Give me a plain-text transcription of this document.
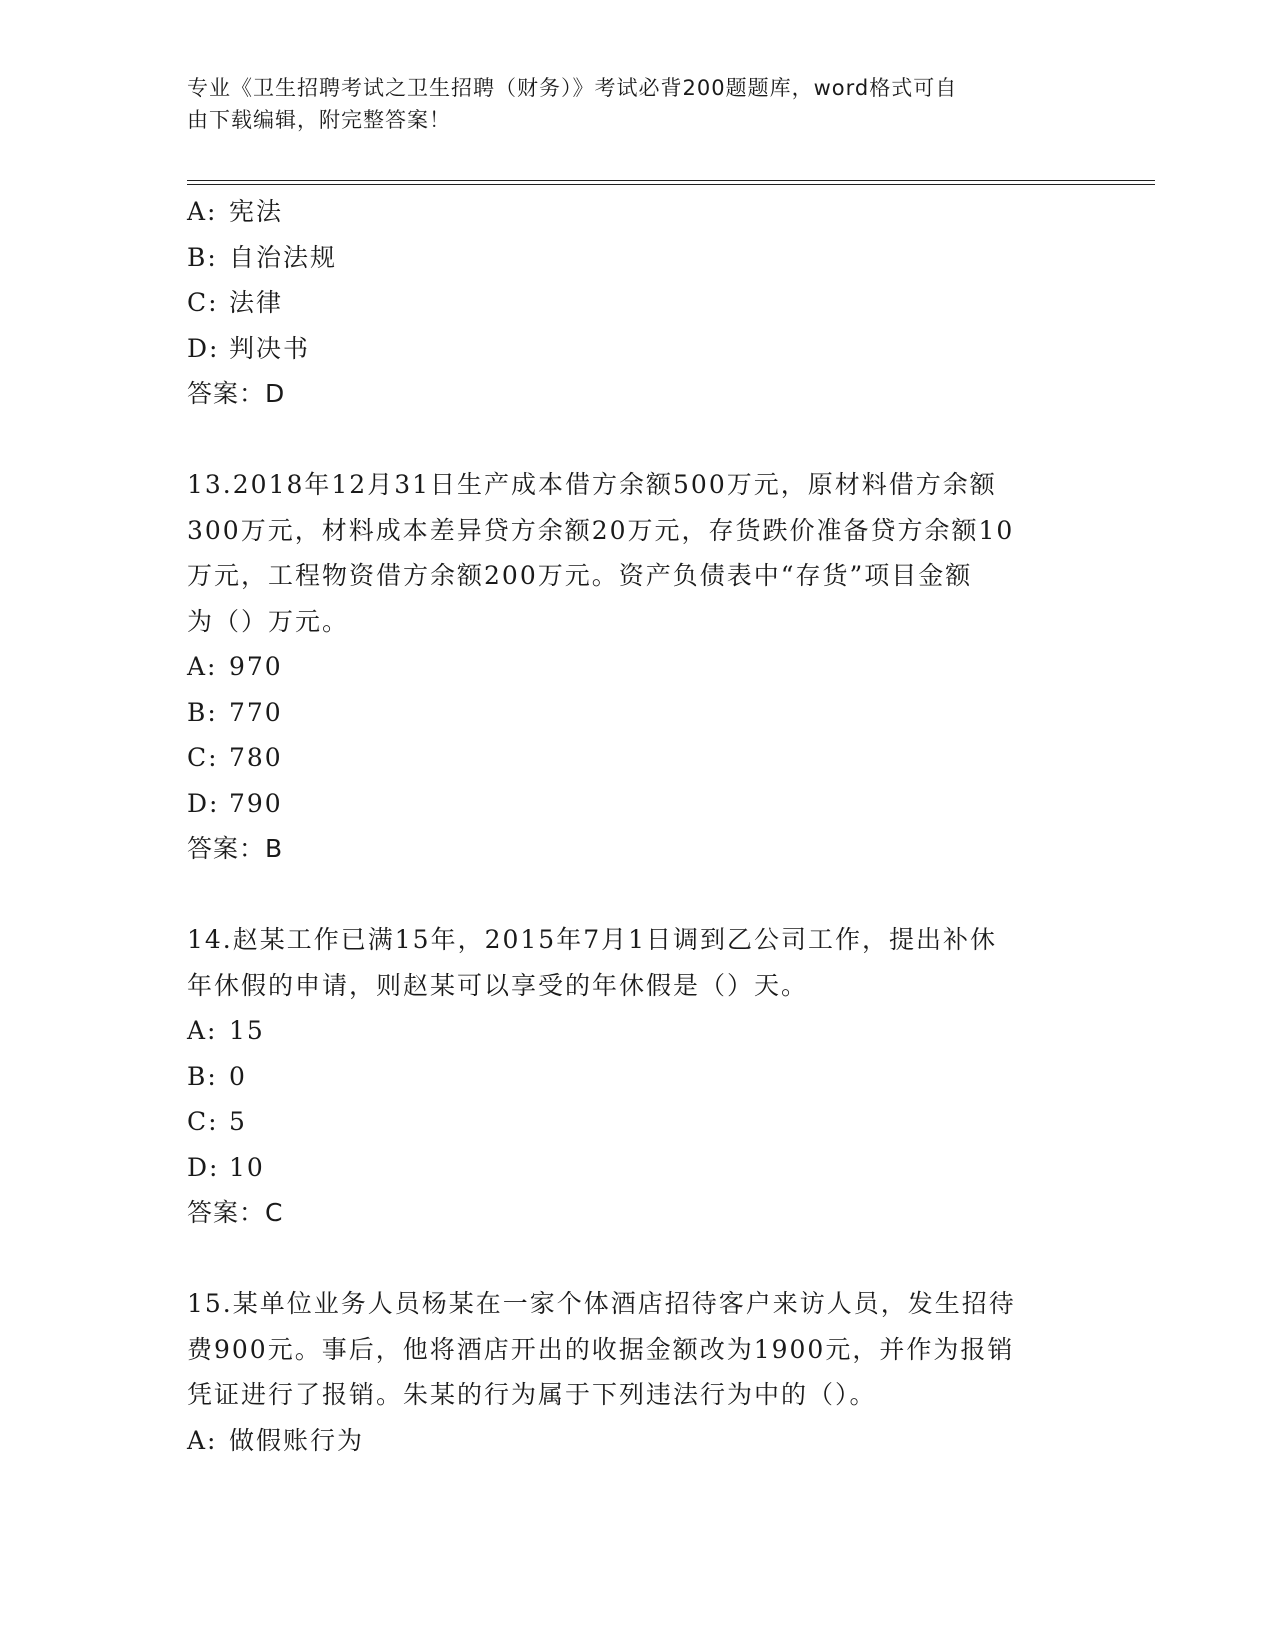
专业《卫生招聘考试之卫生招聘（财务）》考试必背200题题库，word格式可自
由下载编辑，附完整答案！
A: 宪法
B: 自治法规
C: 法律
D: 判决书
答案：D
13.2018年12月31日生产成本借方余额500万元，原材料借方余额
300万元，材料成本差异贷方余额20万元，存货跌价准备贷方余额10
万元，工程物资借方余额200万元。资产负债表中“存货”项目金额
为（）万元。
A: 970
B: 770
C: 780
D: 790
答案：B
14.赵某工作已满15年，2015年7月1日调到乙公司工作，提出补休
年休假的申请，则赵某可以享受的年休假是（）天。
A: 15
B: 0
C: 5
D: 10
答案：C
15.某单位业务人员杨某在一家个体酒店招待客户来访人员，发生招待
费900元。事后，他将酒店开出的收据金额改为1900元，并作为报销
凭证进行了报销。朱某的行为属于下列违法行为中的（）。
A: 做假账行为
